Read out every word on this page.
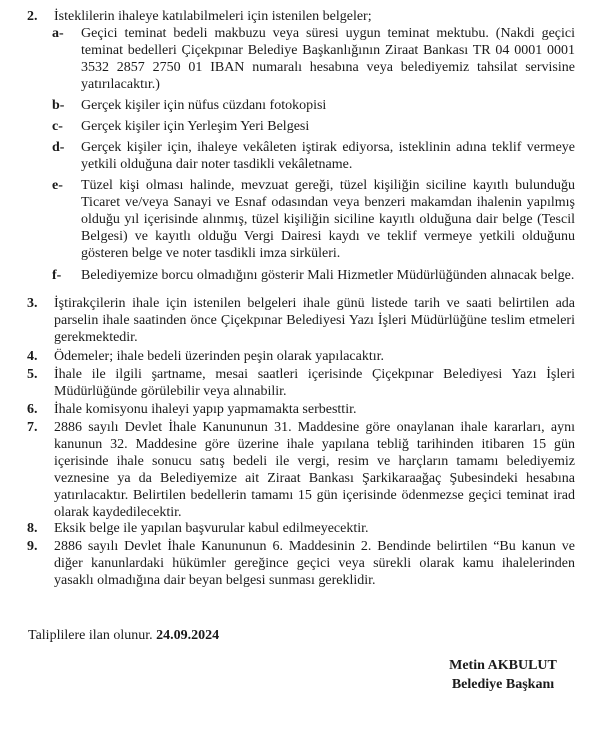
2. İsteklilerin ihaleye katılabilmeleri için istenilen belgeler;
a- Geçici teminat bedeli makbuzu veya süresi uygun teminat mektubu. (Nakdi geçici teminat bedelleri Çiçekpınar Belediye Başkanlığının Ziraat Bankası TR 04 0001 0001 3532 2857 2750 01 IBAN numaralı hesabına veya belediyemiz tahsilat servisine yatırılacaktır.)
b- Gerçek kişiler için nüfus cüzdanı fotokopisi
c- Gerçek kişiler için Yerleşim Yeri Belgesi
d- Gerçek kişiler için, ihaleye vekâleten iştirak ediyorsa, isteklinin adına teklif vermeye yetkili olduğuna dair noter tasdikli vekâletname.
e- Tüzel kişi olması halinde, mevzuat gereği, tüzel kişiliğin siciline kayıtlı bulunduğu Ticaret ve/veya Sanayi ve Esnaf odasından veya benzeri makamdan ihalenin yapılmış olduğu yıl içerisinde alınmış, tüzel kişiliğin siciline kayıtlı olduğuna dair belge (Tescil Belgesi) ve kayıtlı olduğu Vergi Dairesi kaydı ve teklif vermeye yetkili olduğunu gösteren belge ve noter tasdikli imza sirküleri.
f- Belediyemize borcu olmadığını gösterir Mali Hizmetler Müdürlüğünden alınacak belge.
3. İştirakçilerin ihale için istenilen belgeleri ihale günü listede tarih ve saati belirtilen ada parselin ihale saatinden önce Çiçekpınar Belediyesi Yazı İşleri Müdürlüğüne teslim etmeleri gerekmektedir.
4. Ödemeler; ihale bedeli üzerinden peşin olarak yapılacaktır.
5. İhale ile ilgili şartname, mesai saatleri içerisinde Çiçekpınar Belediyesi Yazı İşleri Müdürlüğünde görülebilir veya alınabilir.
6. İhale komisyonu ihaleyi yapıp yapmamakta serbesttir.
7. 2886 sayılı Devlet İhale Kanununun 31. Maddesine göre onaylanan ihale kararları, aynı kanunun 32. Maddesine göre üzerine ihale yapılana tebliğ tarihinden itibaren 15 gün içerisinde ihale sonucu satış bedeli ile vergi, resim ve harçların tamamı belediyemiz veznesine ya da Belediyemize ait Ziraat Bankası Şarkikaraağaç Şubesindeki hesabına yatırılacaktır. Belirtilen bedellerin tamamı 15 gün içerisinde ödenmezse geçici teminat irad olarak kaydedilecektir.
8. Eksik belge ile yapılan başvurular kabul edilmeyecektir.
9. 2886 sayılı Devlet İhale Kanununun 6. Maddesinin 2. Bendinde belirtilen “Bu kanun ve diğer kanunlardaki hükümler gereğince geçici veya sürekli olarak kamu ihalelerinden yasaklı olmadığına dair beyan belgesi sunması gereklidir.
Taliplilere ilan olunur. 24.09.2024
Metin AKBULUT
Belediye Başkanı
